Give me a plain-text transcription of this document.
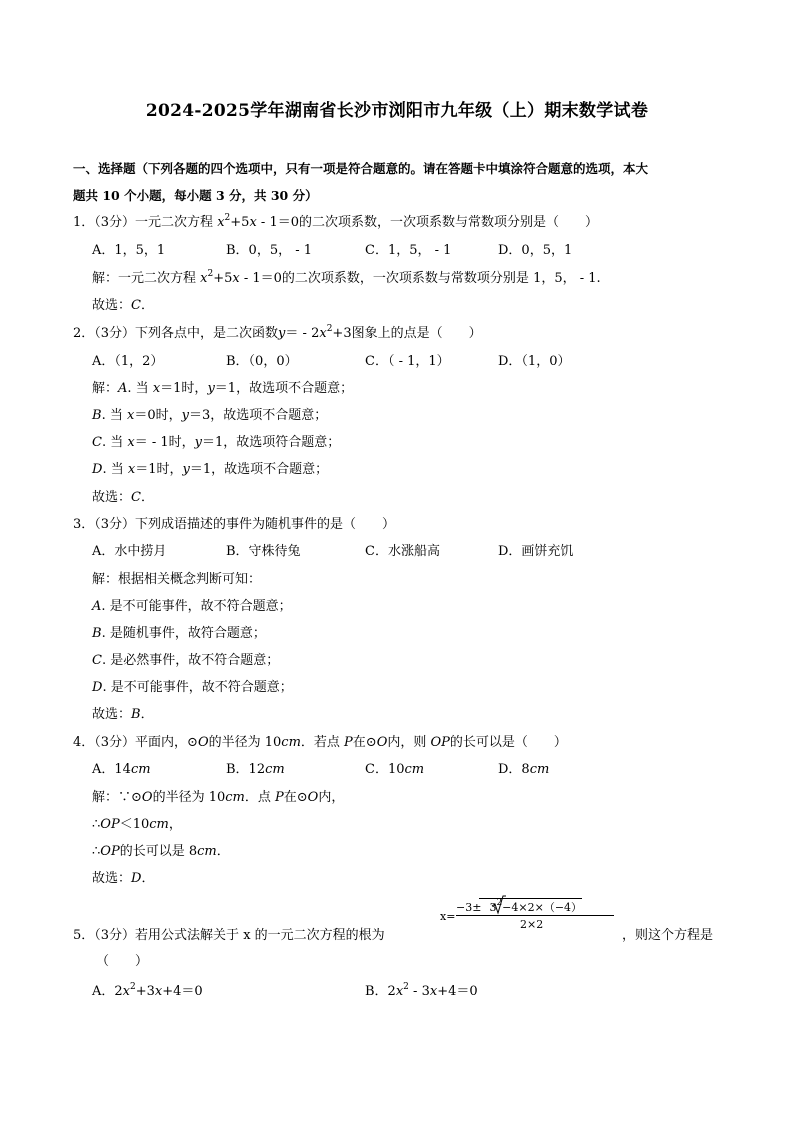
2024-2025学年湖南省长沙市浏阳市九年级（上）期末数学试卷
一、选择题（下列各题的四个选项中，只有一项是符合题意的。请在答题卡中填涂符合题意的选项，本大
题共 10 个小题，每小题 3 分，共 30 分）
1．（3分）一元二次方程 $x^2+5x - 1=0$的二次项系数，一次项系数与常数项分别是（　　）
A．1，5，1	B．0，5， - 1	C．1，5， - 1	D．0，5，1
解：一元二次方程 $x^2+5x - 1=0$的二次项系数，一次项系数与常数项分别是 1，5， - 1.
故选：C．
2．（3分）下列各点中，是二次函数$y= - 2x^2+3$图象上的点是（　　）
A．（1，2）	B．（0，0）	C．（ - 1，1）	D．（1，0）
解：A. 当 x＝1时，y＝1，故选项不合题意；
B. 当 x＝0时，y＝3，故选项不合题意；
C. 当 x＝ - 1时，y＝1，故选项符合题意；
D. 当 x＝1时，y＝1，故选项不合题意；
故选：C．
3．（3分）下列成语描述的事件为随机事件的是（　　）
A．水中捞月	B．守株待兔	C．水涨船高	D．画饼充饥
解：根据相关概念判断可知：
A. 是不可能事件，故不符合题意；
B. 是随机事件，故符合题意；
C. 是必然事件，故不符合题意；
D. 是不可能事件，故不符合题意；
故选：B．
4．（3分）平面内，⊙O的半径为 10cm．若点 P在⊙O内，则 OP的长可以是（　　）
A．14cm	B．12cm	C．10cm	D．8cm
解：∵⊙O的半径为 10cm．点 P在⊙O内，
∴OP＜10cm，
∴OP的长可以是 8cm．
故选：D．
5．（3分）若用公式法解关于 x 的一元二次方程的根为
x=
$-3\pm 3^2-4\times 2\times(-4)$
2×2
，则这个方程是
（　　）
A．$2x^2+3x+4=0$	B．$2x^2 - 3x+4=0$
